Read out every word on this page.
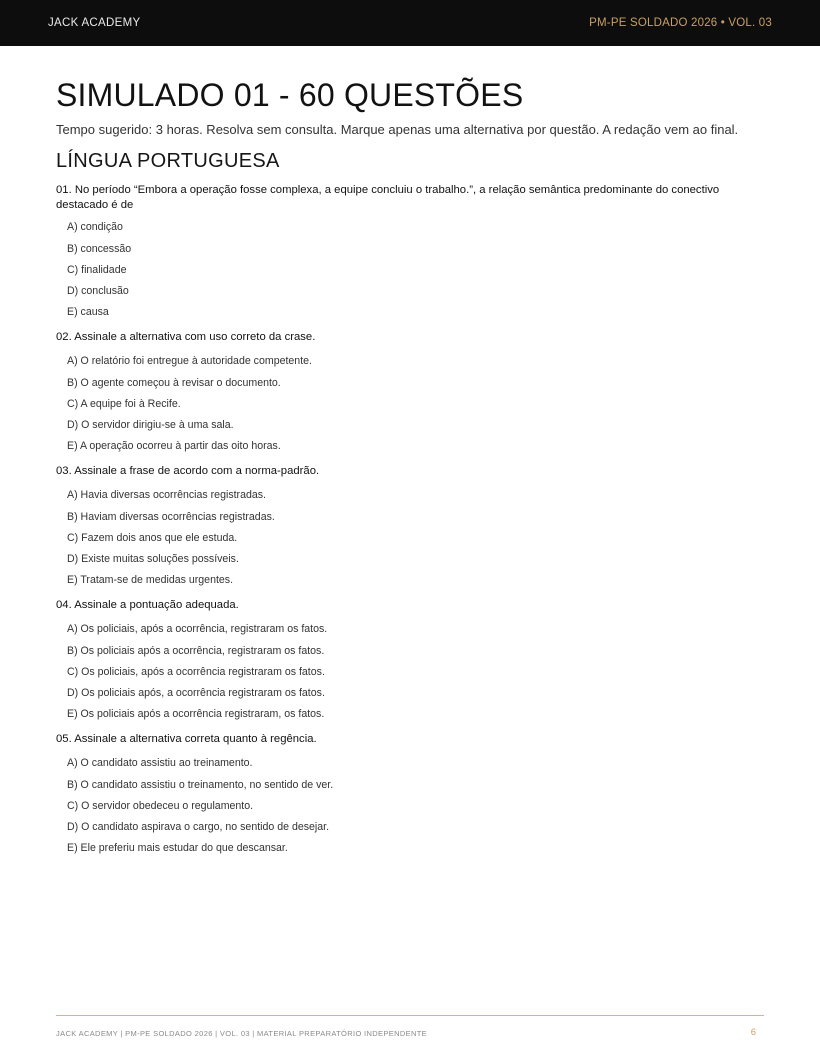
JACK ACADEMY	PM-PE SOLDADO 2026 • VOL. 03
SIMULADO 01 - 60 QUESTÕES

Tempo sugerido: 3 horas. Resolva sem consulta. Marque apenas uma alternativa por questão. A redação vem ao final.

LÍNGUA PORTUGUESA

01. No período “Embora a operação fosse complexa, a equipe concluiu o trabalho.”, a relação semântica predominante do conectivo destacado é de

A) condição
B) concessão
C) finalidade
D) conclusão
E) causa

02. Assinale a alternativa com uso correto da crase.

A) O relatório foi entregue à autoridade competente.
B) O agente começou à revisar o documento.
C) A equipe foi à Recife.
D) O servidor dirigiu-se à uma sala.
E) A operação ocorreu à partir das oito horas.

03. Assinale a frase de acordo com a norma-padrão.

A) Havia diversas ocorrências registradas.
B) Haviam diversas ocorrências registradas.
C) Fazem dois anos que ele estuda.
D) Existe muitas soluções possíveis.
E) Tratam-se de medidas urgentes.

04. Assinale a pontuação adequada.

A) Os policiais, após a ocorrência, registraram os fatos.
B) Os policiais após a ocorrência, registraram os fatos.
C) Os policiais, após a ocorrência registraram os fatos.
D) Os policiais após, a ocorrência registraram os fatos.
E) Os policiais após a ocorrência registraram, os fatos.

05. Assinale a alternativa correta quanto à regência.

A) O candidato assistiu ao treinamento.
B) O candidato assistiu o treinamento, no sentido de ver.
C) O servidor obedeceu o regulamento.
D) O candidato aspirava o cargo, no sentido de desejar.
E) Ele preferiu mais estudar do que descansar.
JACK ACADEMY | PM-PE SOLDADO 2026 | VOL. 03 | MATERIAL PREPARATÓRIO INDEPENDENTE	6
